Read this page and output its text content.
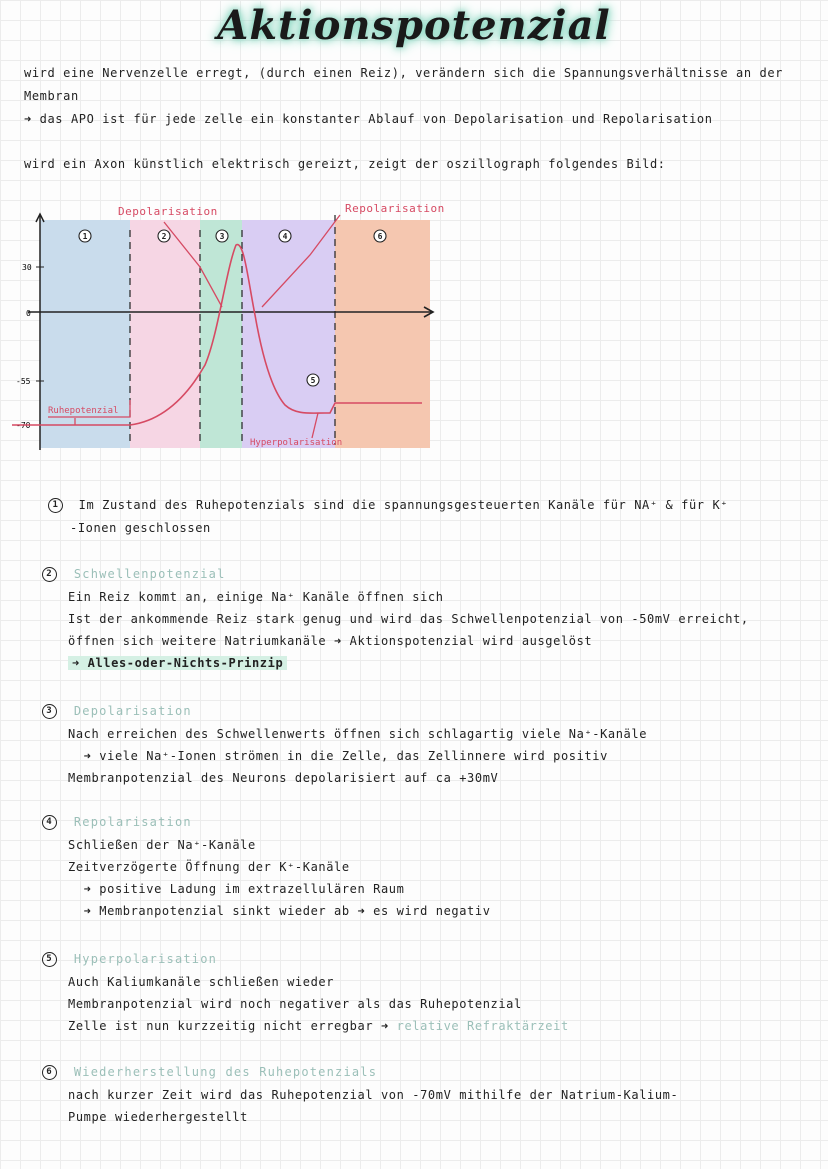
Aktionspotenzial
wird eine Nervenzelle erregt, (durch einen Reiz), verändern sich die Spannungsverhältnisse an der
Membran
➜ das APO ist für jede zelle ein konstanter Ablauf von Depolarisation und Repolarisation
wird ein Axon künstlich elektrisch gereizt, zeigt der oszillograph folgendes Bild:
30
0
-55
-70
Depolarisation	Repolarisation
Ruhepotenzial
Hyperpolarisation
1	2	3	4
5
6
1 Im Zustand des Ruhepotenzials sind die spannungsgesteuerten Kanäle für NA⁺ & für K⁺
-Ionen geschlossen
2 Schwellenpotenzial
Ein Reiz kommt an, einige Na⁺ Kanäle öffnen sich
Ist der ankommende Reiz stark genug und wird das Schwellenpotenzial von -50mV erreicht,
öffnen sich weitere Natriumkanäle ➜ Aktionspotenzial wird ausgelöst
➜ Alles-oder-Nichts-Prinzip
3 Depolarisation
Nach erreichen des Schwellenwerts öffnen sich schlagartig viele Na⁺-Kanäle
➜ viele Na⁺-Ionen strömen in die Zelle, das Zellinnere wird positiv
Membranpotenzial des Neurons depolarisiert auf ca +30mV
4 Repolarisation
Schließen der Na⁺-Kanäle
Zeitverzögerte Öffnung der K⁺-Kanäle
➜ positive Ladung im extrazellulären Raum
➜ Membranpotenzial sinkt wieder ab ➜ es wird negativ
5 Hyperpolarisation
Auch Kaliumkanäle schließen wieder
Membranpotenzial wird noch negativer als das Ruhepotenzial
Zelle ist nun kurzzeitig nicht erregbar ➜ relative Refraktärzeit
6 Wiederherstellung des Ruhepotenzials
nach kurzer Zeit wird das Ruhepotenzial von -70mV mithilfe der Natrium-Kalium-
Pumpe wiederhergestellt
